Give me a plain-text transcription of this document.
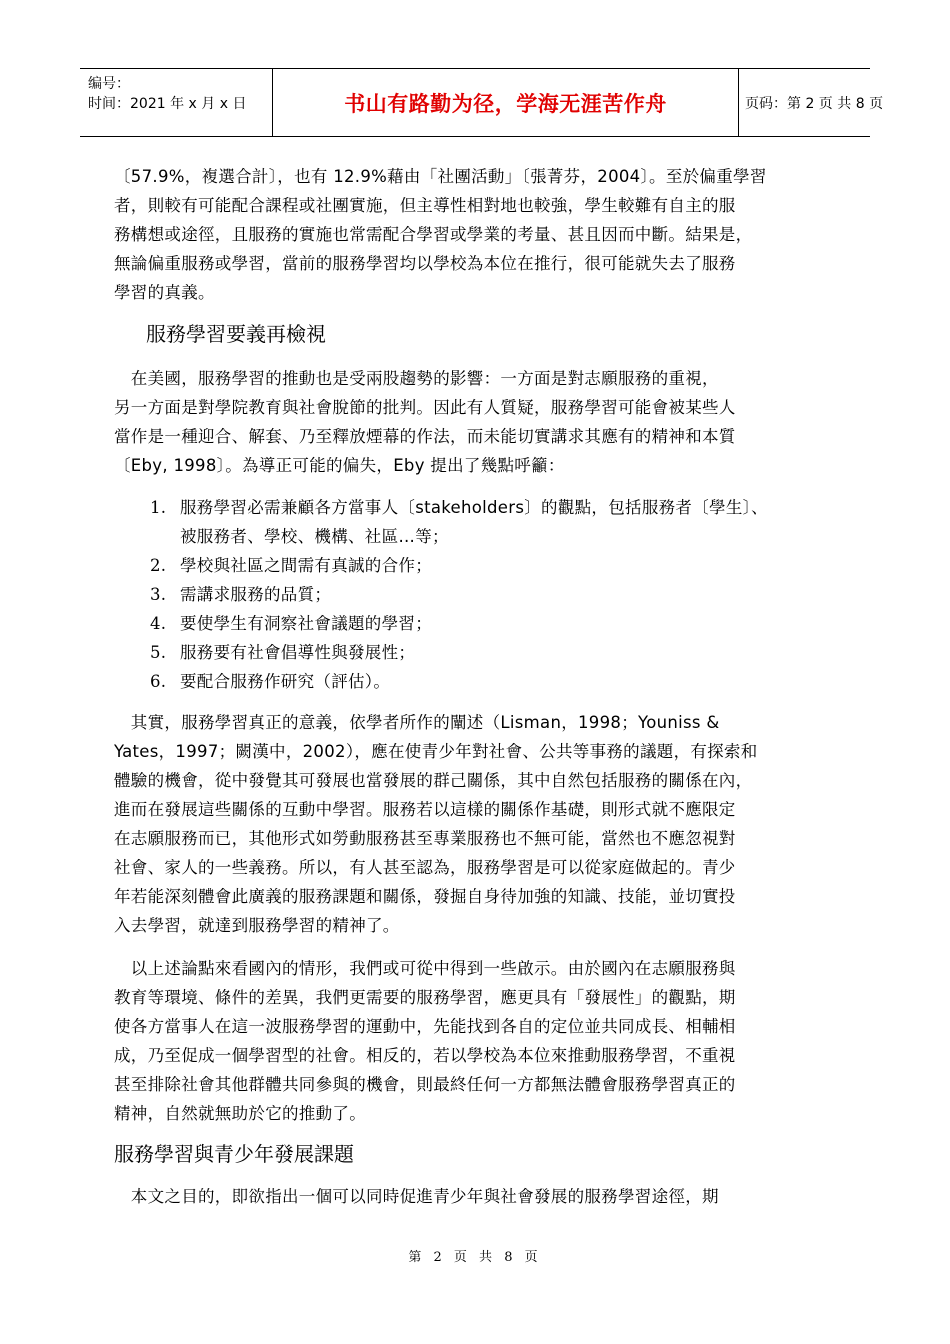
编号：
时间：2021 年 x 月 x 日	书山有路勤为径，学海无涯苦作舟	页码：第 2 页 共 8 页
〔57.9%，複選合計〕，也有 12.9%藉由「社團活動」〔張菁芬，2004〕。至於偏重學習
者，則較有可能配合課程或社團實施，但主導性相對地也較強，學生較難有自主的服
務構想或途徑，且服務的實施也常需配合學習或學業的考量、甚且因而中斷。結果是，
無論偏重服務或學習，當前的服務學習均以學校為本位在推行，很可能就失去了服務
學習的真義。
服務學習要義再檢視
　在美國，服務學習的推動也是受兩股趨勢的影響：一方面是對志願服務的重視，
另一方面是對學院教育與社會脫節的批判。因此有人質疑，服務學習可能會被某些人
當作是一種迎合、解套、乃至釋放煙幕的作法，而未能切實講求其應有的精神和本質
〔Eby, 1998〕。為導正可能的偏失，Eby 提出了幾點呼籲：
1. 服務學習必需兼顧各方當事人〔stakeholders〕的觀點，包括服務者〔學生〕、
被服務者、學校、機構、社區…等；
2. 學校與社區之間需有真誠的合作；
3. 需講求服務的品質；
4. 要使學生有洞察社會議題的學習；
5. 服務要有社會倡導性與發展性；
6. 要配合服務作研究（評估）。
　其實，服務學習真正的意義，依學者所作的闡述（Lisman，1998；Youniss &
Yates，1997；闕漢中，2002），應在使青少年對社會、公共等事務的議題，有探索和
體驗的機會，從中發覺其可發展也當發展的群己關係，其中自然包括服務的關係在內，
進而在發展這些關係的互動中學習。服務若以這樣的關係作基礎，則形式就不應限定
在志願服務而已，其他形式如勞動服務甚至專業服務也不無可能，當然也不應忽視對
社會、家人的一些義務。所以，有人甚至認為，服務學習是可以從家庭做起的。青少
年若能深刻體會此廣義的服務課題和關係，發掘自身待加強的知識、技能，並切實投
入去學習，就達到服務學習的精神了。
　以上述論點來看國內的情形，我們或可從中得到一些啟示。由於國內在志願服務與
教育等環境、條件的差異，我們更需要的服務學習，應更具有「發展性」的觀點，期
使各方當事人在這一波服務學習的運動中，先能找到各自的定位並共同成長、相輔相
成，乃至促成一個學習型的社會。相反的，若以學校為本位來推動服務學習，不重視
甚至排除社會其他群體共同參與的機會，則最終任何一方都無法體會服務學習真正的
精神，自然就無助於它的推動了。
服務學習與青少年發展課題
　本文之目的，即欲指出一個可以同時促進青少年與社會發展的服務學習途徑，期
第 2 页 共 8 页
